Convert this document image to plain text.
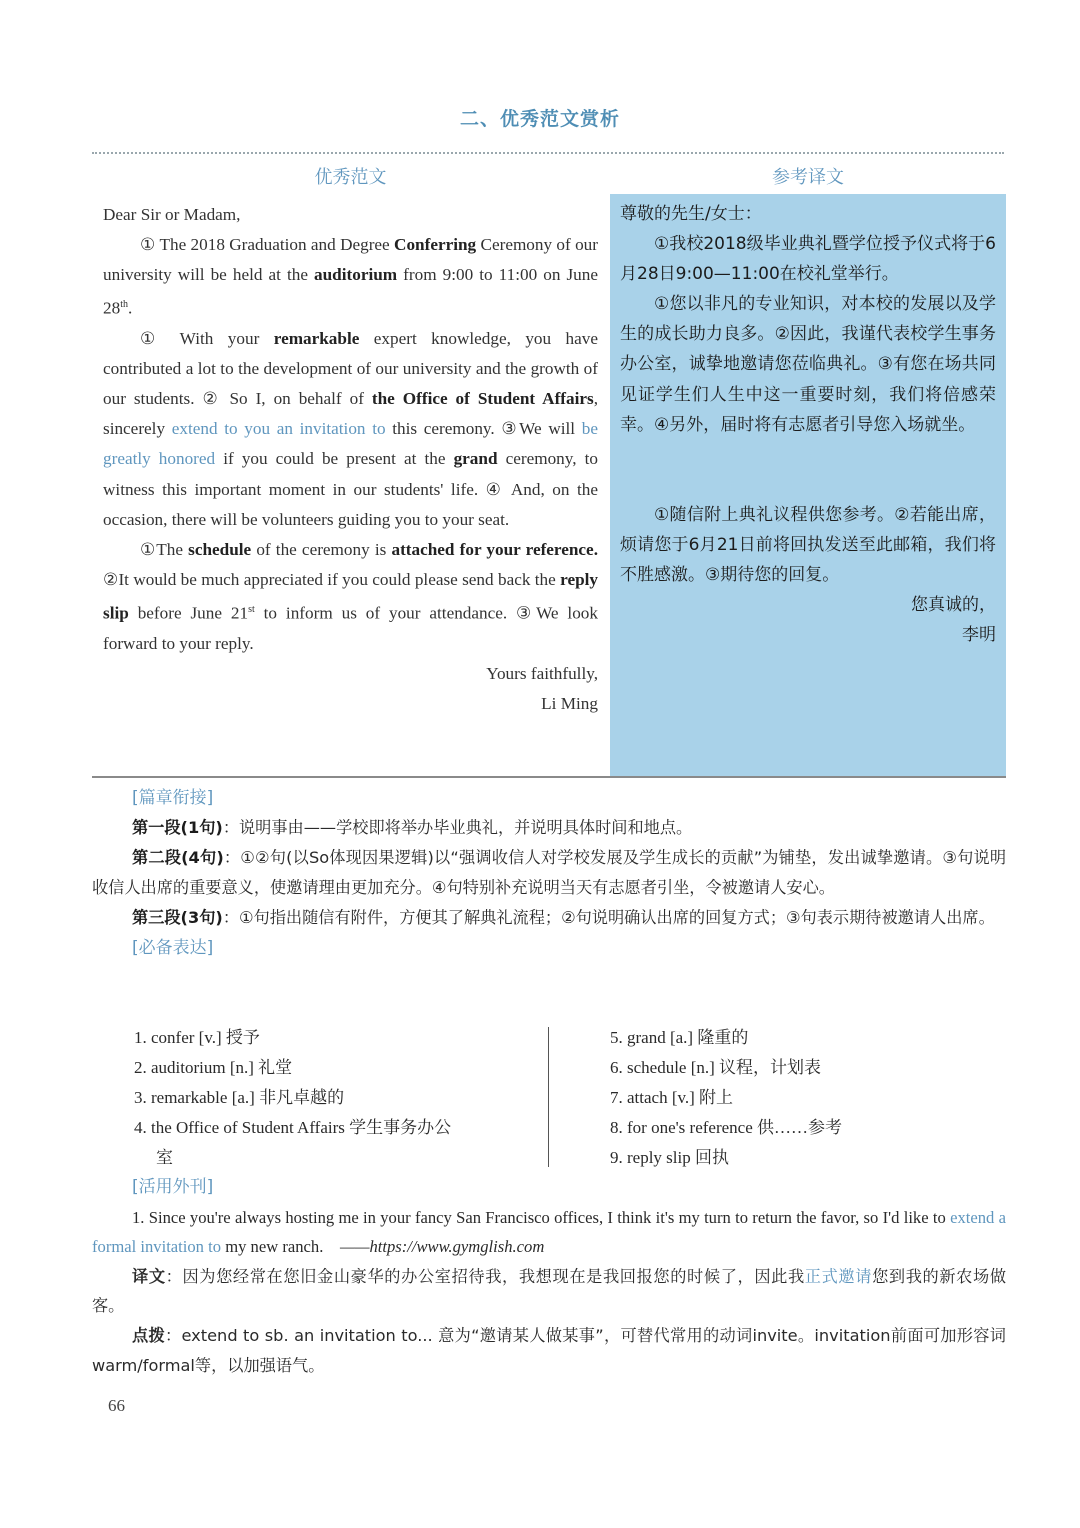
二、优秀范文赏析
优秀范文	参考译文

Dear Sir or Madam,

① The 2018 Graduation and Degree Conferring Ceremony of our university will be held at the auditorium from 9:00 to 11:00 on June 28th.

① With your remarkable expert knowledge, you have contributed a lot to the development of our university and the growth of our students. ② So I, on behalf of the Office of Student Affairs, sincerely extend to you an invitation to this ceremony. ③We will be greatly honored if you could be present at the grand ceremony, to witness this important moment in our students' life. ④ And, on the occasion, there will be volunteers guiding you to your seat.

①The schedule of the ceremony is attached for your reference. ②It would be much appreciated if you could please send back the reply slip before June 21st to inform us of your attendance. ③We look forward to your reply.

Yours faithfully,

Li Ming

尊敬的先生/女士：

①我校2018级毕业典礼暨学位授予仪式将于6月28日9:00—11:00在校礼堂举行。

①您以非凡的专业知识，对本校的发展以及学生的成长助力良多。②因此，我谨代表校学生事务办公室，诚挚地邀请您莅临典礼。③有您在场共同见证学生们人生中这一重要时刻，我们将倍感荣幸。④另外，届时将有志愿者引导您入场就坐。

①随信附上典礼议程供您参考。②若能出席，烦请您于6月21日前将回执发送至此邮箱，我们将不胜感激。③期待您的回复。

您真诚的，

李明

[篇章衔接]

第一段(1句)：说明事由——学校即将举办毕业典礼，并说明具体时间和地点。

第二段(4句)：①②句(以So体现因果逻辑)以“强调收信人对学校发展及学生成长的贡献”为铺垫，发出诚挚邀请。③句说明收信人出席的重要意义，使邀请理由更加充分。④句特别补充说明当天有志愿者引坐，令被邀请人安心。

第三段(3句)：①句指出随信有附件，方便其了解典礼流程；②句说明确认出席的回复方式；③句表示期待被邀请人出席。

[必备表达]

1. confer [v.] 授予

2. auditorium [n.] 礼堂

3. remarkable [a.] 非凡卓越的

4. the Office of Student Affairs 学生事务办公

室

5. grand [a.] 隆重的

6. schedule [n.] 议程，计划表

7. attach [v.] 附上

8. for one's reference 供……参考

9. reply slip 回执

[活用外刊]

1. Since you're always hosting me in your fancy San Francisco offices, I think it's my turn to return the favor, so I'd like to extend a formal invitation to my new ranch. ——https://www.gymglish.com

译文：因为您经常在您旧金山豪华的办公室招待我，我想现在是我回报您的时候了，因此我正式邀请您到我的新农场做客。

点拨：extend to sb. an invitation to... 意为“邀请某人做某事”，可替代常用的动词invite。invitation前面可加形容词warm/formal等，以加强语气。

66
